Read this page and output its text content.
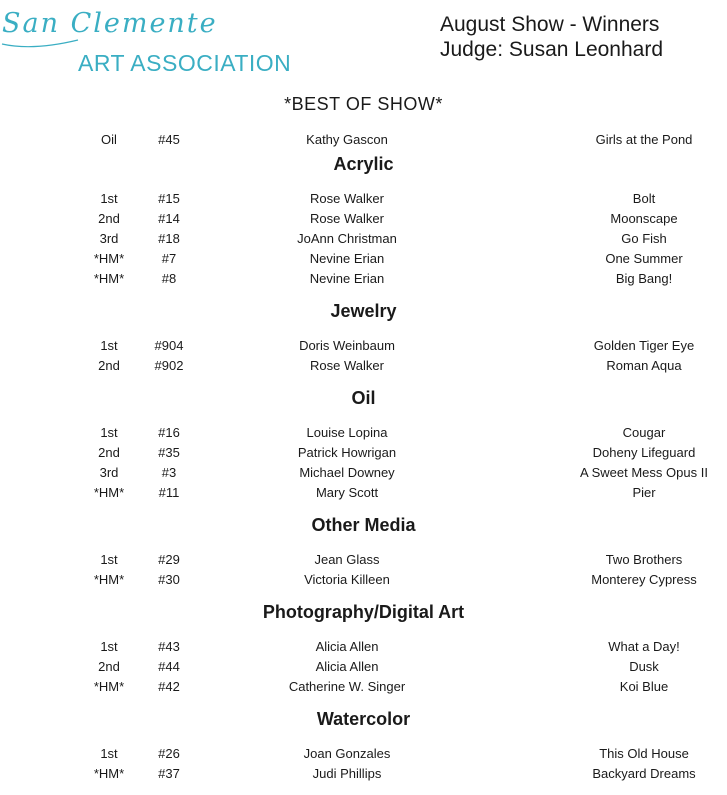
San Clemente
ART ASSOCIATION
August Show - Winners
Judge: Susan Leonhard
*BEST OF SHOW*
Oil	#45	Kathy Gascon	Girls at the Pond
Acrylic
1st	#15	Rose Walker	Bolt
2nd	#14	Rose Walker	Moonscape
3rd	#18	JoAnn Christman	Go Fish
*HM*	#7	Nevine Erian	One Summer
*HM*	#8	Nevine Erian	Big Bang!
Jewelry
1st	#904	Doris Weinbaum	Golden Tiger Eye
2nd	#902	Rose Walker	Roman Aqua
Oil
1st	#16	Louise Lopina	Cougar
2nd	#35	Patrick Howrigan	Doheny Lifeguard
3rd	#3	Michael Downey	A Sweet Mess Opus II
*HM*	#11	Mary Scott	Pier
Other Media
1st	#29	Jean Glass	Two Brothers
*HM*	#30	Victoria Killeen	Monterey Cypress
Photography/Digital Art
1st	#43	Alicia Allen	What a Day!
2nd	#44	Alicia Allen	Dusk
*HM*	#42	Catherine W. Singer	Koi Blue
Watercolor
1st	#26	Joan Gonzales	This Old House
*HM*	#37	Judi Phillips	Backyard Dreams
